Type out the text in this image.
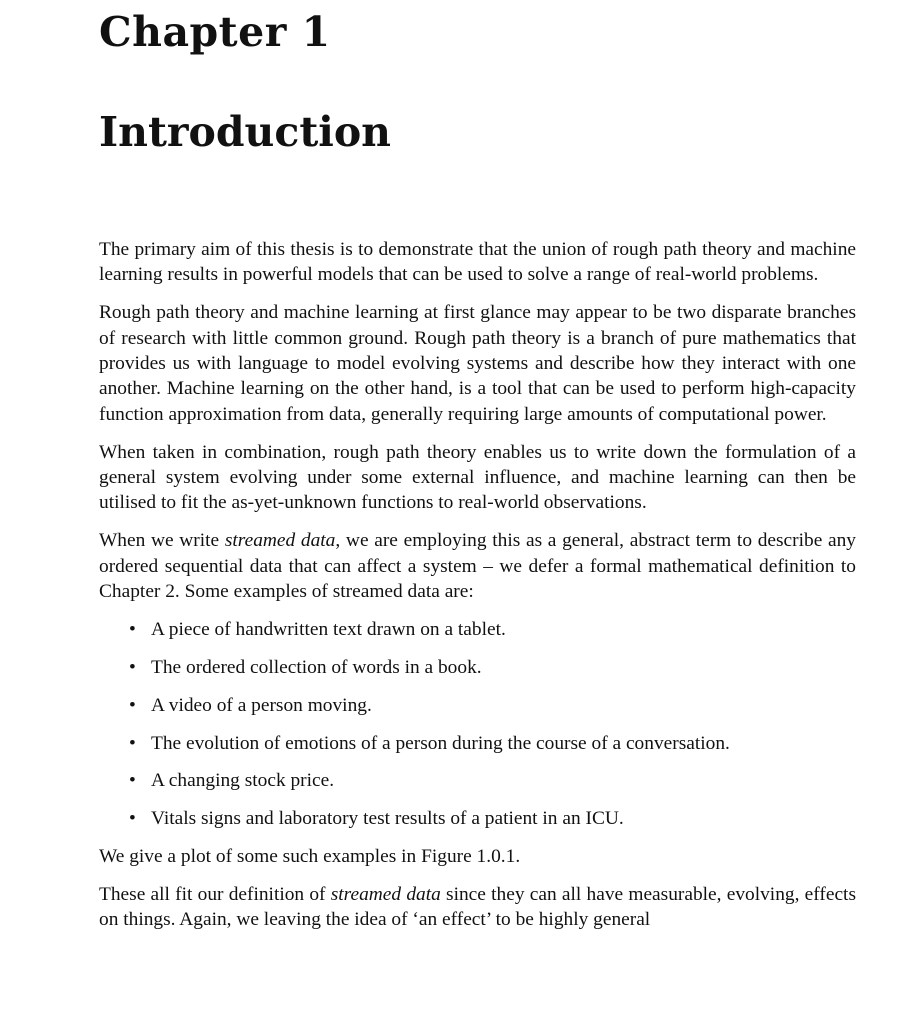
Chapter 1
Introduction

The primary aim of this thesis is to demonstrate that the union of rough path theory and machine learning results in powerful models that can be used to solve a range of real-world problems.

Rough path theory and machine learning at first glance may appear to be two disparate branches of research with little common ground. Rough path theory is a branch of pure mathematics that provides us with language to model evolving systems and describe how they interact with one another. Machine learning on the other hand, is a tool that can be used to perform high-capacity function approximation from data, generally requiring large amounts of computational power.

When taken in combination, rough path theory enables us to write down the formulation of a general system evolving under some external influence, and machine learning can then be utilised to fit the as-yet-unknown functions to real-world observations.

When we write streamed data, we are employing this as a general, abstract term to describe any ordered sequential data that can affect a system – we defer a formal mathematical definition to Chapter 2. Some examples of streamed data are:

• A piece of handwritten text drawn on a tablet.
• The ordered collection of words in a book.
• A video of a person moving.
• The evolution of emotions of a person during the course of a conversation.
• A changing stock price.
• Vitals signs and laboratory test results of a patient in an ICU.

We give a plot of some such examples in Figure 1.0.1.

These all fit our definition of streamed data since they can all have measurable, evolving, effects on things. Again, we leaving the idea of ‘an effect’ to be highly general
